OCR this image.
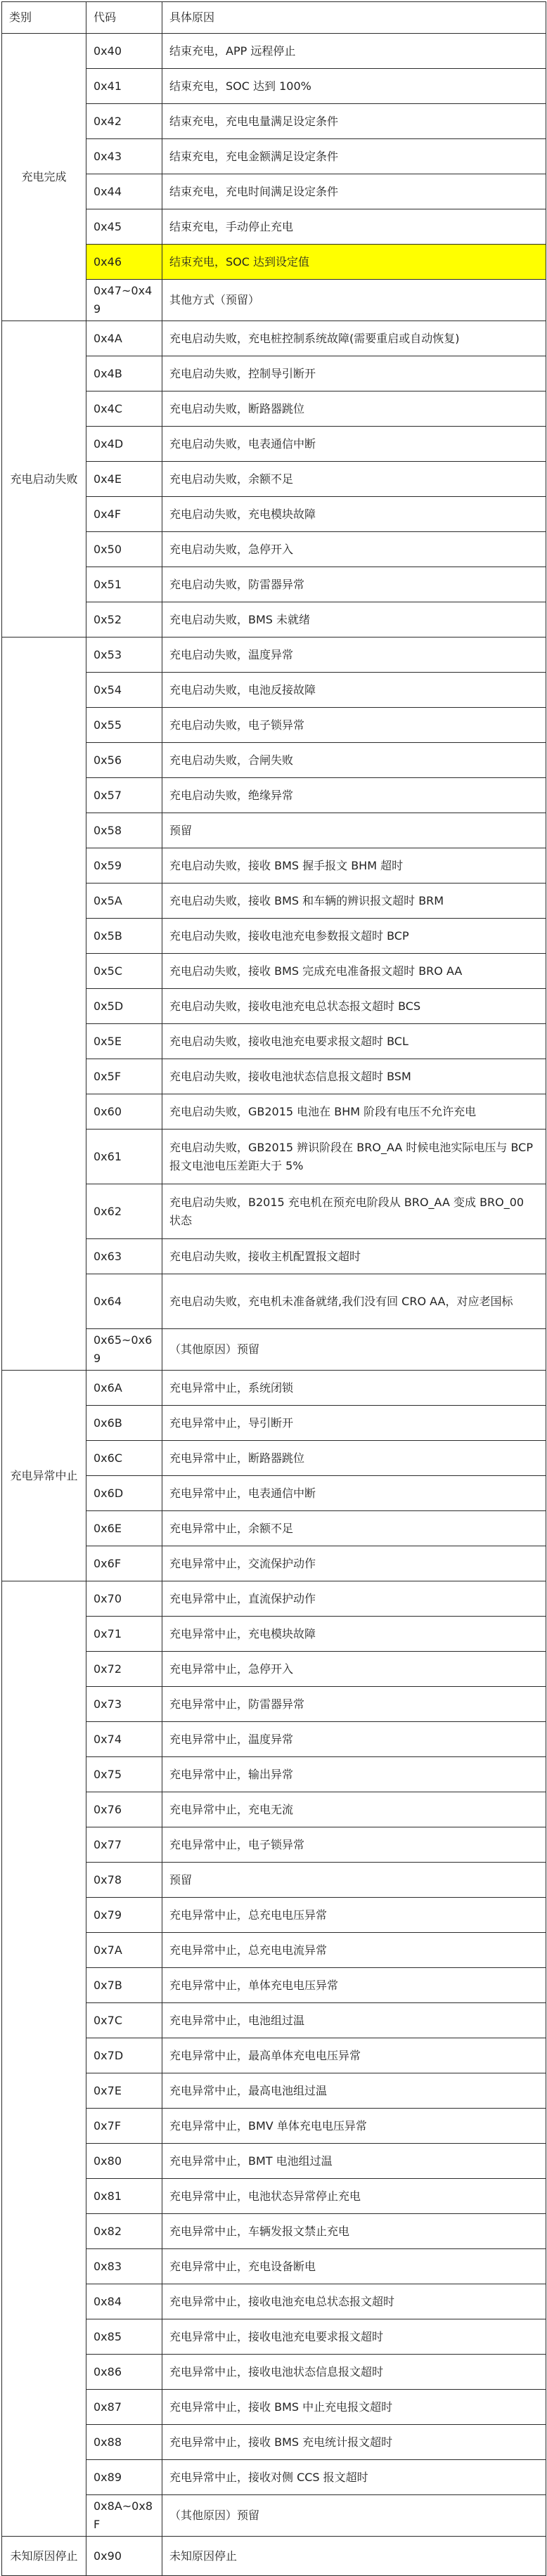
类别	代码	具体原因
充电完成	0x40	结束充电，APP 远程停止
	0x41	结束充电，SOC 达到 100%
	0x42	结束充电，充电电量满足设定条件
	0x43	结束充电，充电金额满足设定条件
	0x44	结束充电，充电时间满足设定条件
	0x45	结束充电，手动停止充电
	0x46	结束充电，SOC 达到设定值
	0x47~0x49	其他方式（预留）
充电启动失败	0x4A	充电启动失败，充电桩控制系统故障(需要重启或自动恢复)
	0x4B	充电启动失败，控制导引断开
	0x4C	充电启动失败，断路器跳位
	0x4D	充电启动失败，电表通信中断
	0x4E	充电启动失败，余额不足
	0x4F	充电启动失败，充电模块故障
	0x50	充电启动失败，急停开入
	0x51	充电启动失败，防雷器异常
	0x52	充电启动失败，BMS 未就绪
	0x53	充电启动失败，温度异常
	0x54	充电启动失败，电池反接故障
	0x55	充电启动失败，电子锁异常
	0x56	充电启动失败，合闸失败
	0x57	充电启动失败，绝缘异常
	0x58	预留
	0x59	充电启动失败，接收 BMS 握手报文 BHM 超时
	0x5A	充电启动失败，接收 BMS 和车辆的辨识报文超时 BRM
	0x5B	充电启动失败，接收电池充电参数报文超时 BCP
	0x5C	充电启动失败，接收 BMS 完成充电准备报文超时 BRO AA
	0x5D	充电启动失败，接收电池充电总状态报文超时 BCS
	0x5E	充电启动失败，接收电池充电要求报文超时 BCL
	0x5F	充电启动失败，接收电池状态信息报文超时 BSM
	0x60	充电启动失败，GB2015 电池在 BHM 阶段有电压不允许充电
	0x61	充电启动失败，GB2015 辨识阶段在 BRO_AA 时候电池实际电压与 BCP 报文电池电压差距大于 5%
	0x62	充电启动失败，B2015 充电机在预充电阶段从 BRO_AA 变成 BRO_00 状态
	0x63	充电启动失败，接收主机配置报文超时
	0x64	充电启动失败，充电机未准备就绪,我们没有回 CRO AA，对应老国标
	0x65~0x69	（其他原因）预留
充电异常中止	0x6A	充电异常中止，系统闭锁
	0x6B	充电异常中止，导引断开
	0x6C	充电异常中止，断路器跳位
	0x6D	充电异常中止，电表通信中断
	0x6E	充电异常中止，余额不足
	0x6F	充电异常中止，交流保护动作
	0x70	充电异常中止，直流保护动作
	0x71	充电异常中止，充电模块故障
	0x72	充电异常中止，急停开入
	0x73	充电异常中止，防雷器异常
	0x74	充电异常中止，温度异常
	0x75	充电异常中止，输出异常
	0x76	充电异常中止，充电无流
	0x77	充电异常中止，电子锁异常
	0x78	预留
	0x79	充电异常中止，总充电电压异常
	0x7A	充电异常中止，总充电电流异常
	0x7B	充电异常中止，单体充电电压异常
	0x7C	充电异常中止，电池组过温
	0x7D	充电异常中止，最高单体充电电压异常
	0x7E	充电异常中止，最高电池组过温
	0x7F	充电异常中止，BMV 单体充电电压异常
	0x80	充电异常中止，BMT 电池组过温
	0x81	充电异常中止，电池状态异常停止充电
	0x82	充电异常中止，车辆发报文禁止充电
	0x83	充电异常中止，充电设备断电
	0x84	充电异常中止，接收电池充电总状态报文超时
	0x85	充电异常中止，接收电池充电要求报文超时
	0x86	充电异常中止，接收电池状态信息报文超时
	0x87	充电异常中止，接收 BMS 中止充电报文超时
	0x88	充电异常中止，接收 BMS 充电统计报文超时
	0x89	充电异常中止，接收对侧 CCS 报文超时
	0x8A~0x8F	（其他原因）预留
未知原因停止	0x90	未知原因停止
